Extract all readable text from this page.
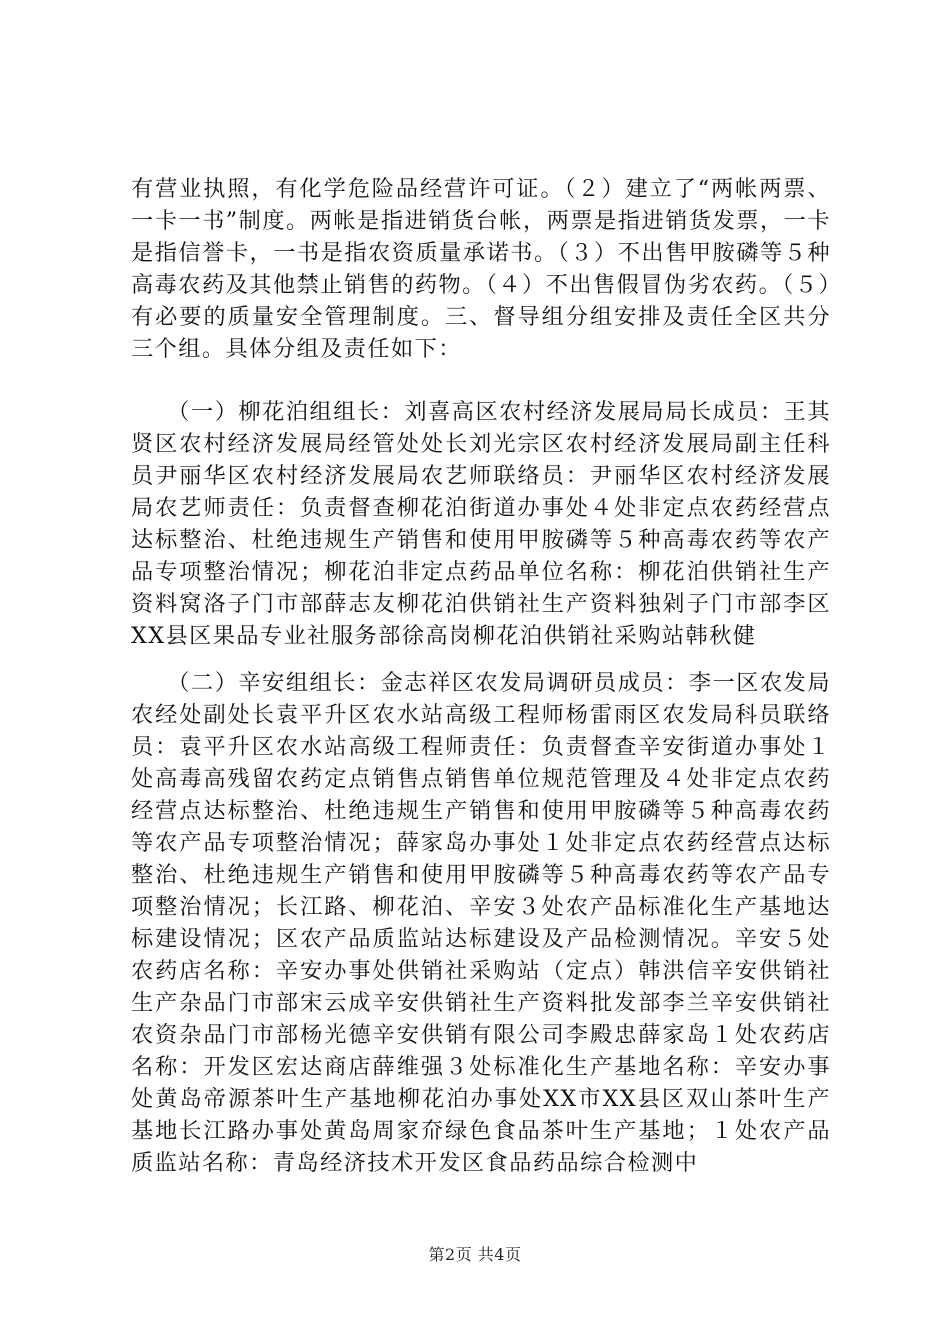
有营业执照，有化学危险品经营许可证。（２）建立了“两帐两票、一卡一书”制度。两帐是指进销货台帐，两票是指进销货发票，一卡是指信誉卡，一书是指农资质量承诺书。（３）不出售甲胺磷等５种高毒农药及其他禁止销售的药物。（４）不出售假冒伪劣农药。（５）有必要的质量安全管理制度。三、督导组分组安排及责任全区共分三个组。具体分组及责任如下：

　　（一）柳花泊组组长：刘喜高区农村经济发展局局长成员：王其贤区农村经济发展局经管处处长刘光宗区农村经济发展局副主任科员尹丽华区农村经济发展局农艺师联络员：尹丽华区农村经济发展局农艺师责任：负责督查柳花泊街道办事处４处非定点农药经营点达标整治、杜绝违规生产销售和使用甲胺磷等５种高毒农药等农产品专项整治情况；柳花泊非定点药品单位名称：柳花泊供销社生产资料窝洛子门市部薛志友柳花泊供销社生产资料独剁子门市部李区XX县区果品专业社服务部徐高岗柳花泊供销社采购站韩秋健

　　（二）辛安组组长：金志祥区农发局调研员成员：李一区农发局农经处副处长袁平升区农水站高级工程师杨雷雨区农发局科员联络员：袁平升区农水站高级工程师责任：负责督查辛安街道办事处１处高毒高残留农药定点销售点销售单位规范管理及４处非定点农药经营点达标整治、杜绝违规生产销售和使用甲胺磷等５种高毒农药等农产品专项整治情况；薛家岛办事处１处非定点农药经营点达标整治、杜绝违规生产销售和使用甲胺磷等５种高毒农药等农产品专项整治情况；长江路、柳花泊、辛安３处农产品标准化生产基地达标建设情况；区农产品质监站达标建设及产品检测情况。辛安５处农药店名称：辛安办事处供销社采购站（定点）韩洪信辛安供销社生产杂品门市部宋云成辛安供销社生产资料批发部李兰辛安供销社农资杂品门市部杨光德辛安供销有限公司李殿忠薛家岛１处农药店名称：开发区宏达商店薛维强３处标准化生产基地名称：辛安办事处黄岛帝源茶叶生产基地柳花泊办事处XX市XX县区双山茶叶生产基地长江路办事处黄岛周家夼绿色食品茶叶生产基地；１处农产品质监站名称：青岛经济技术开发区食品药品综合检测中

第2页 共4页
